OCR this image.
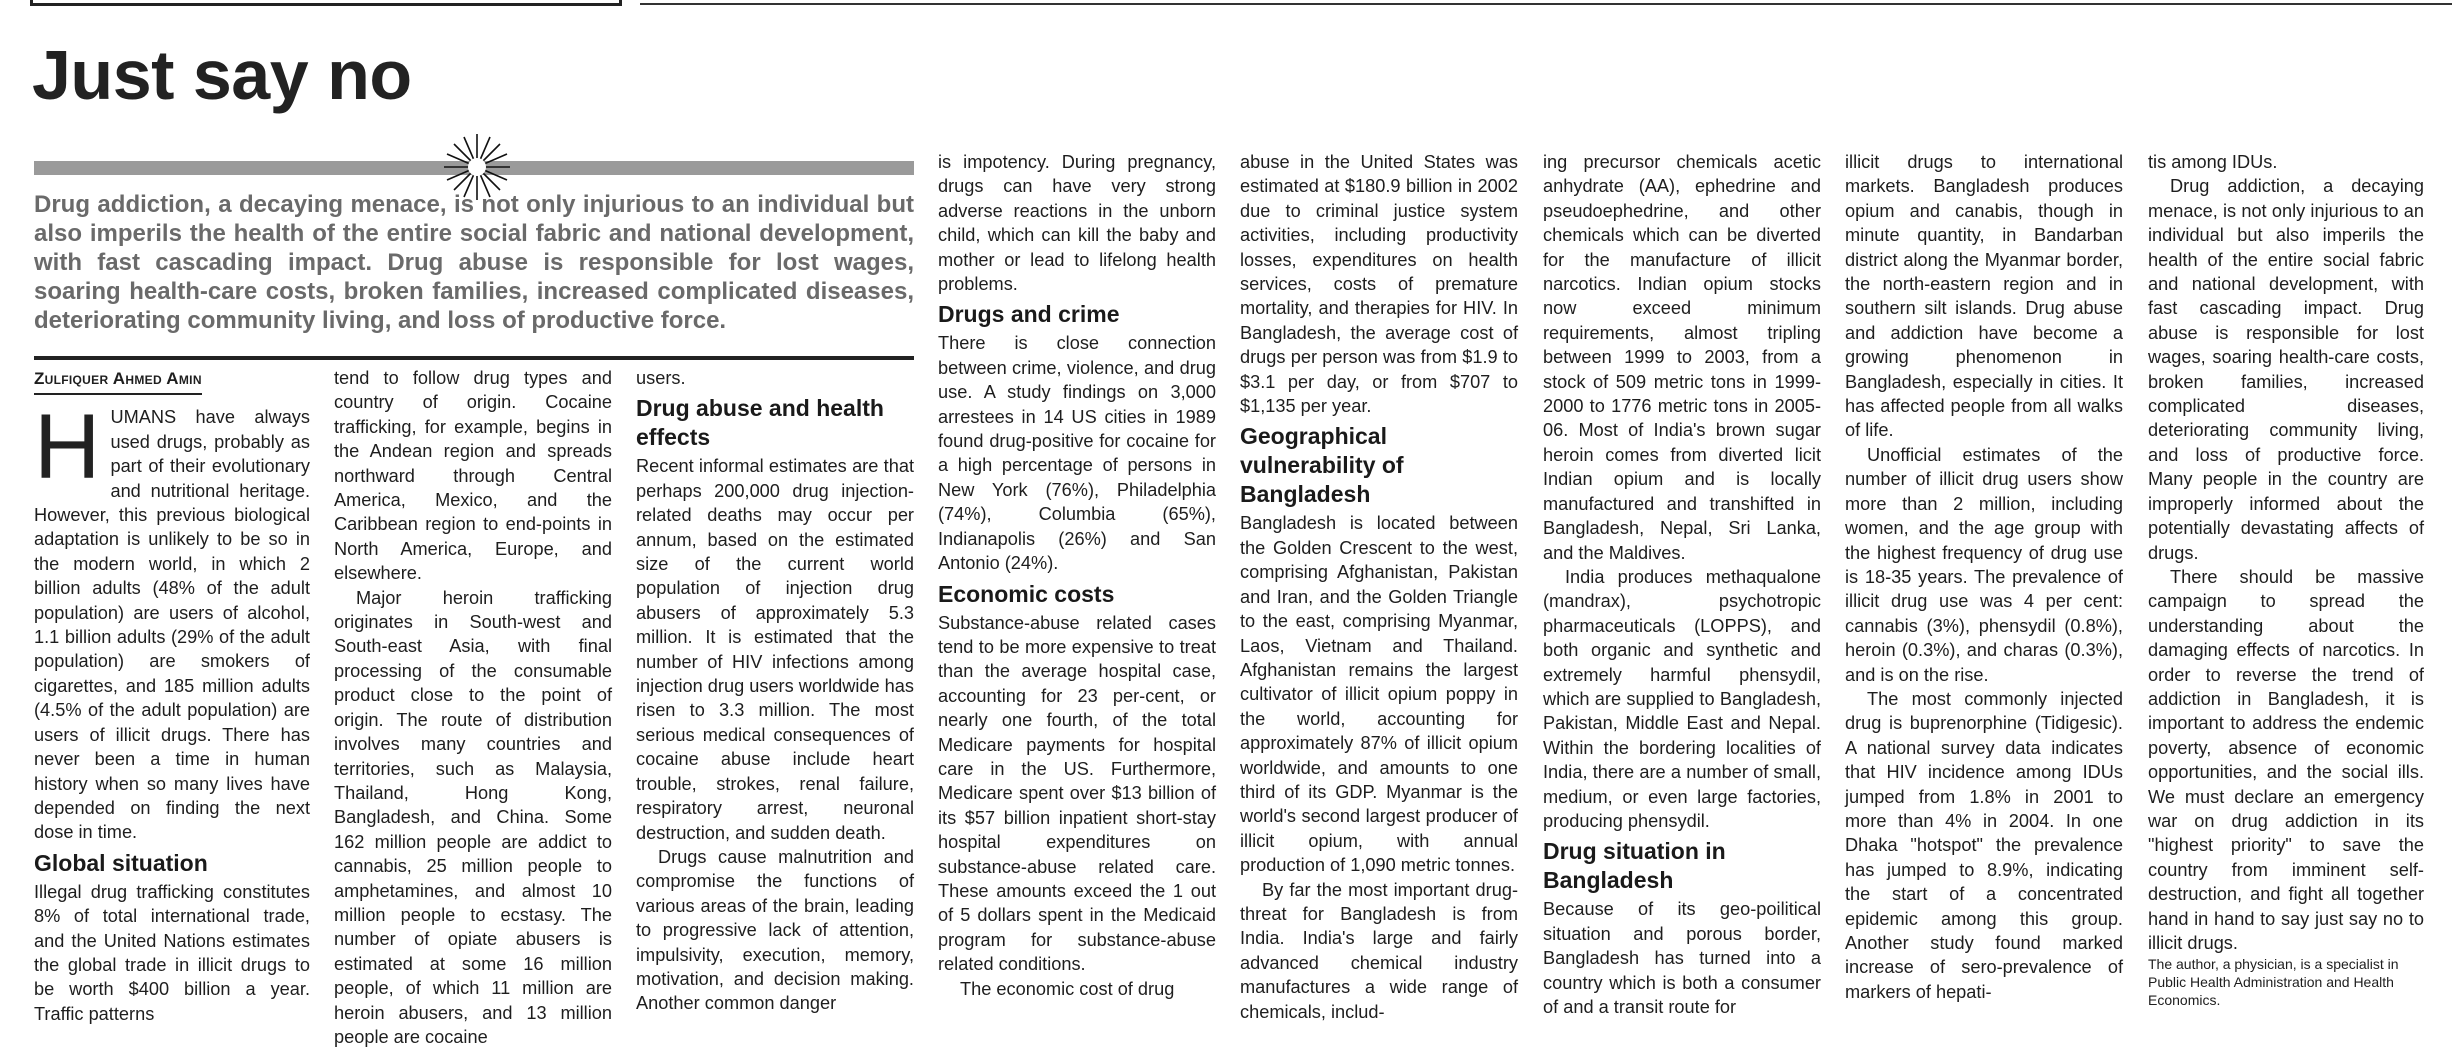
Just say no

Drug addiction, a decaying menace, is not only injurious to an individual but also imperils the health of the entire social fabric and national development, with fast cascading impact. Drug abuse is responsible for lost wages, soaring health-care costs, broken families, increased complicated diseases, deteriorating community living, and loss of productive force.

Zulfiquer Ahmed Amin

HUMANS have always used drugs, probably as part of their evolutionary and nutritional heritage. However, this previous biological adaptation is unlikely to be so in the modern world, in which 2 billion adults (48% of the adult population) are users of alcohol, 1.1 billion adults (29% of the adult population) are smokers of cigarettes, and 185 million adults (4.5% of the adult population) are users of illicit drugs. There has never been a time in human history when so many lives have depended on finding the next dose in time.

Global situation

Illegal drug trafficking constitutes 8% of total international trade, and the United Nations estimates the global trade in illicit drugs to be worth $400 billion a year. Traffic patterns

tend to follow drug types and country of origin. Cocaine trafficking, for example, begins in the Andean region and spreads northward through Central America, Mexico, and the Caribbean region to end-points in North America, Europe, and elsewhere.

Major heroin trafficking originates in South-west and South-east Asia, with final processing of the consumable product close to the point of origin. The route of distribution involves many countries and territories, such as Malaysia, Thailand, Hong Kong, Bangladesh, and China. Some 162 million people are addict to cannabis, 25 million people to amphetamines, and almost 10 million people to ecstasy. The number of opiate abusers is estimated at some 16 million people, of which 11 million are heroin abusers, and 13 million people are cocaine

users.

Drug abuse and health effects

Recent informal estimates are that perhaps 200,000 drug injection-related deaths may occur per annum, based on the estimated size of the current world population of injection drug abusers of approximately 5.3 million. It is estimated that the number of HIV infections among injection drug users worldwide has risen to 3.3 million. The most serious medical consequences of cocaine abuse include heart trouble, strokes, renal failure, respiratory arrest, neuronal destruction, and sudden death.

Drugs cause malnutrition and compromise the functions of various areas of the brain, leading to progressive lack of attention, impulsivity, execution, memory, motivation, and decision making. Another common danger

is impotency. During pregnancy, drugs can have very strong adverse reactions in the unborn child, which can kill the baby and mother or lead to lifelong health problems.

Drugs and crime

There is close connection between crime, violence, and drug use. A study findings on 3,000 arrestees in 14 US cities in 1989 found drug-positive for cocaine for a high percentage of persons in New York (76%), Philadelphia (74%), Columbia (65%), Indianapolis (26%) and San Antonio (24%).

Economic costs

Substance-abuse related cases tend to be more expensive to treat than the average hospital case, accounting for 23 per-cent, or nearly one fourth, of the total Medicare payments for hospital care in the US. Furthermore, Medicare spent over $13 billion of its $57 billion inpatient short-stay hospital expenditures on substance-abuse related care. These amounts exceed the 1 out of 5 dollars spent in the Medicaid program for substance-abuse related conditions.

The economic cost of drug

abuse in the United States was estimated at $180.9 billion in 2002 due to criminal justice system activities, including productivity losses, expenditures on health services, costs of premature mortality, and therapies for HIV. In Bangladesh, the average cost of drugs per person was from $1.9 to $3.1 per day, or from $707 to $1,135 per year.

Geographical vulnerability of Bangladesh

Bangladesh is located between the Golden Crescent to the west, comprising Afghanistan, Pakistan and Iran, and the Golden Triangle to the east, comprising Myanmar, Laos, Vietnam and Thailand. Afghanistan remains the largest cultivator of illicit opium poppy in the world, accounting for approximately 87% of illicit opium worldwide, and amounts to one third of its GDP. Myanmar is the world's second largest producer of illicit opium, with annual production of 1,090 metric tonnes.

By far the most important drug-threat for Bangladesh is from India. India's large and fairly advanced chemical industry manufactures a wide range of chemicals, includ-

ing precursor chemicals acetic anhydrate (AA), ephedrine and pseudoephedrine, and other chemicals which can be diverted for the manufacture of illicit narcotics. Indian opium stocks now exceed minimum requirements, almost tripling between 1999 to 2003, from a stock of 509 metric tons in 1999-2000 to 1776 metric tons in 2005-06. Most of India's brown sugar heroin comes from diverted licit Indian opium and is locally manufactured and transhifted in Bangladesh, Nepal, Sri Lanka, and the Maldives.

India produces methaqualone (mandrax), psychotropic pharmaceuticals (LOPPS), and both organic and synthetic and extremely harmful phensydil, which are supplied to Bangladesh, Pakistan, Middle East and Nepal. Within the bordering localities of India, there are a number of small, medium, or even large factories, producing phensydil.

Drug situation in Bangladesh

Because of its geo-poilitical situation and porous border, Bangladesh has turned into a country which is both a consumer of and a transit route for

illicit drugs to international markets. Bangladesh produces opium and canabis, though in minute quantity, in Bandarban district along the Myanmar border, the north-eastern region and in southern silt islands. Drug abuse and addiction have become a growing phenomenon in Bangladesh, especially in cities. It has affected people from all walks of life.

Unofficial estimates of the number of illicit drug users show more than 2 million, including women, and the age group with the highest frequency of drug use is 18-35 years. The prevalence of illicit drug use was 4 per cent: cannabis (3%), phensydil (0.8%), heroin (0.3%), and charas (0.3%), and is on the rise.

The most commonly injected drug is buprenorphine (Tidigesic). A national survey data indicates that HIV incidence among IDUs jumped from 1.8% in 2001 to more than 4% in 2004. In one Dhaka "hotspot" the prevalence has jumped to 8.9%, indicating the start of a concentrated epidemic among this group. Another study found marked increase of sero-prevalence of markers of hepati-

tis among IDUs.

Drug addiction, a decaying menace, is not only injurious to an individual but also imperils the health of the entire social fabric and national development, with fast cascading impact. Drug abuse is responsible for lost wages, soaring health-care costs, broken families, increased complicated diseases, deteriorating community living, and loss of productive force. Many people in the country are improperly informed about the potentially devastating affects of drugs.

There should be massive campaign to spread the understanding about the damaging effects of narcotics. In order to reverse the trend of addiction in Bangladesh, it is important to address the endemic poverty, absence of economic opportunities, and the social ills. We must declare an emergency war on drug addiction in its "highest priority" to save the country from imminent self-destruction, and fight all together hand in hand to say just say no to illicit drugs.

The author, a physician, is a specialist in Public Health Administration and Health Economics.
